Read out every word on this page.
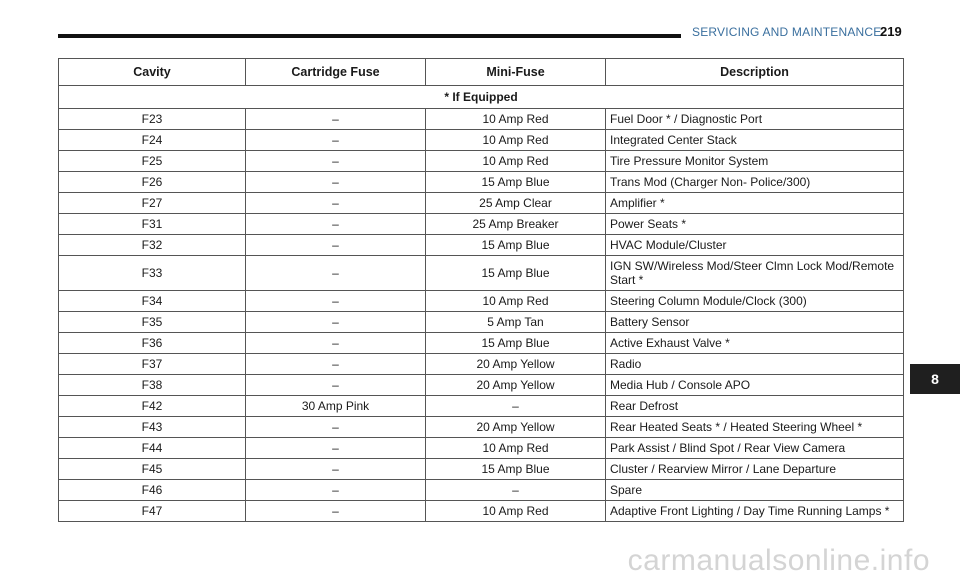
SERVICING AND MAINTENANCE
219
Cavity	Cartridge Fuse	Mini-Fuse	Description
* If Equipped			
F23	–	10 Amp Red	Fuel Door * / Diagnostic Port
F24	–	10 Amp Red	Integrated Center Stack
F25	–	10 Amp Red	Tire Pressure Monitor System
F26	–	15 Amp Blue	Trans Mod (Charger Non- Police/300)
F27	–	25 Amp Clear	Amplifier *
F31	–	25 Amp Breaker	Power Seats *
F32	–	15 Amp Blue	HVAC Module/Cluster
F33	–	15 Amp Blue	IGN SW/Wireless Mod/Steer Clmn Lock Mod/Remote Start *
F34	–	10 Amp Red	Steering Column Module/Clock (300)
F35	–	5 Amp Tan	Battery Sensor
F36	–	15 Amp Blue	Active Exhaust Valve *
F37	–	20 Amp Yellow	Radio
F38	–	20 Amp Yellow	Media Hub / Console APO
F42	30 Amp Pink	–	Rear Defrost
F43	–	20 Amp Yellow	Rear Heated Seats * / Heated Steering Wheel *
F44	–	10 Amp Red	Park Assist / Blind Spot / Rear View Camera
F45	–	15 Amp Blue	Cluster / Rearview Mirror / Lane Departure
F46	–	–	Spare
F47	–	10 Amp Red	Adaptive Front Lighting / Day Time Running Lamps *
8
carmanualsonline.info
